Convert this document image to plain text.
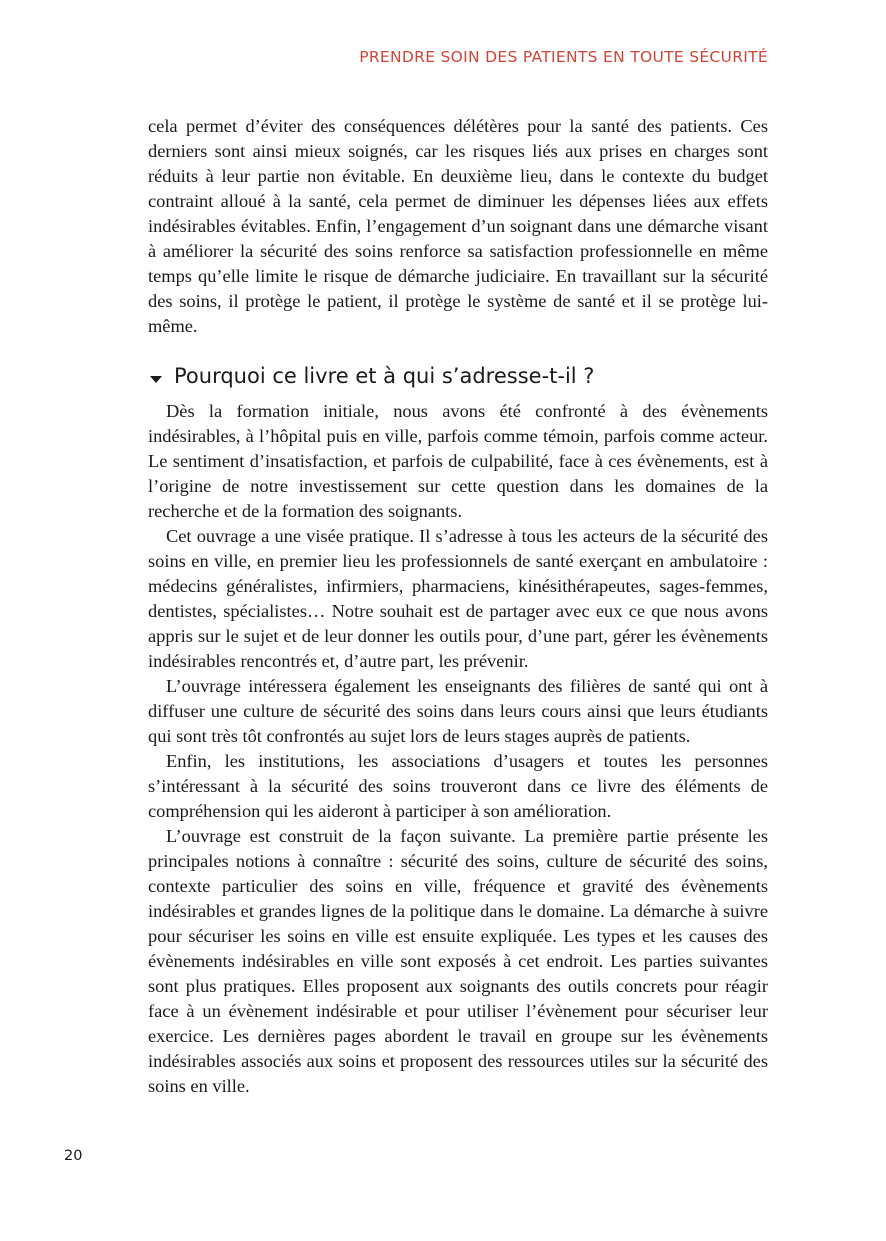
PRENDRE SOIN DES PATIENTS EN TOUTE SÉCURITÉ

cela permet d’éviter des conséquences délétères pour la santé des patients. Ces derniers sont ainsi mieux soignés, car les risques liés aux prises en charges sont réduits à leur partie non évitable. En deuxième lieu, dans le contexte du budget contraint alloué à la santé, cela permet de diminuer les dépenses liées aux effets indésirables évitables. Enfin, l’engagement d’un soignant dans une démarche visant à améliorer la sécurité des soins renforce sa satisfaction professionnelle en même temps qu’elle limite le risque de démarche judiciaire. En travaillant sur la sécurité des soins, il protège le patient, il protège le système de santé et il se protège lui-même.

Pourquoi ce livre et à qui s’adresse-t-il ?

Dès la formation initiale, nous avons été confronté à des évènements indésirables, à l’hôpital puis en ville, parfois comme témoin, parfois comme acteur. Le sentiment d’insatisfaction, et parfois de culpabilité, face à ces évènements, est à l’origine de notre investissement sur cette question dans les domaines de la recherche et de la formation des soignants.

Cet ouvrage a une visée pratique. Il s’adresse à tous les acteurs de la sécurité des soins en ville, en premier lieu les professionnels de santé exerçant en ambulatoire : médecins généralistes, infirmiers, pharmaciens, kinésithérapeutes, sages-femmes, dentistes, spécialistes… Notre souhait est de partager avec eux ce que nous avons appris sur le sujet et de leur donner les outils pour, d’une part, gérer les évènements indésirables rencontrés et, d’autre part, les prévenir.

L’ouvrage intéressera également les enseignants des filières de santé qui ont à diffuser une culture de sécurité des soins dans leurs cours ainsi que leurs étudiants qui sont très tôt confrontés au sujet lors de leurs stages auprès de patients.

Enfin, les institutions, les associations d’usagers et toutes les personnes s’intéressant à la sécurité des soins trouveront dans ce livre des éléments de compréhension qui les aideront à participer à son amélioration.

L’ouvrage est construit de la façon suivante. La première partie présente les principales notions à connaître : sécurité des soins, culture de sécurité des soins, contexte particulier des soins en ville, fréquence et gravité des évènements indésirables et grandes lignes de la politique dans le domaine. La démarche à suivre pour sécuriser les soins en ville est ensuite expliquée. Les types et les causes des évènements indésirables en ville sont exposés à cet endroit. Les parties suivantes sont plus pratiques. Elles proposent aux soignants des outils concrets pour réagir face à un évènement indésirable et pour utiliser l’évènement pour sécuriser leur exercice. Les dernières pages abordent le travail en groupe sur les évènements indésirables associés aux soins et proposent des ressources utiles sur la sécurité des soins en ville.

20
